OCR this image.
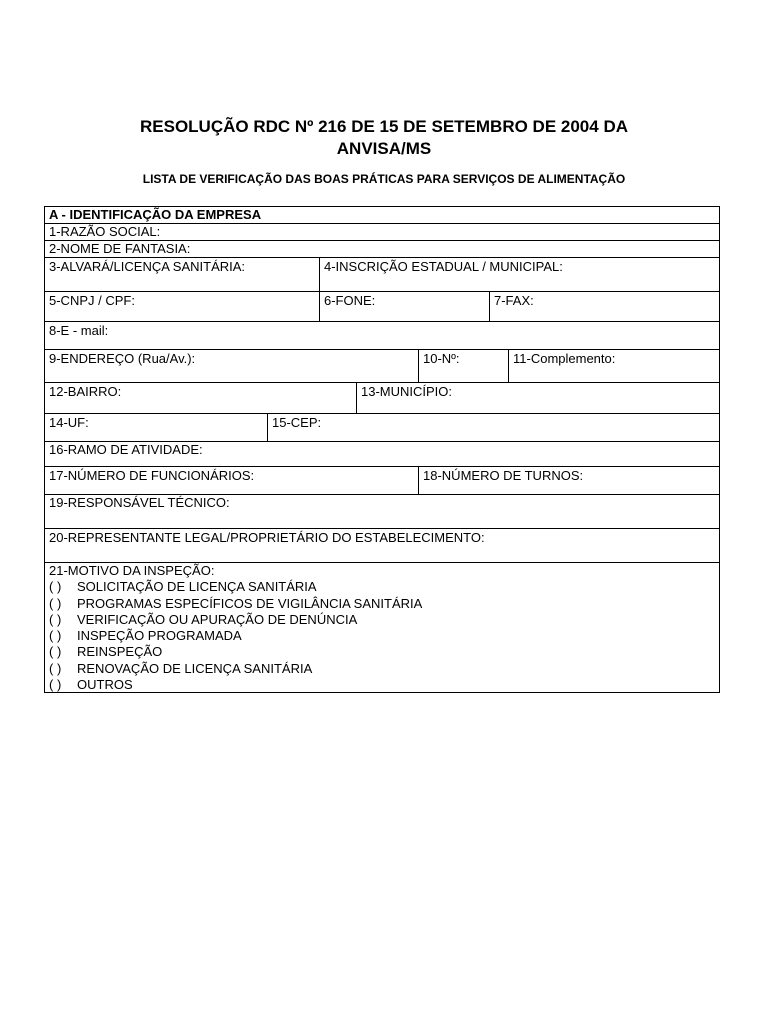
RESOLUÇÃO RDC Nº 216 DE 15 DE SETEMBRO DE 2004 DA
ANVISA/MS
LISTA DE VERIFICAÇÃO DAS BOAS PRÁTICAS PARA SERVIÇOS DE ALIMENTAÇÃO
A - IDENTIFICAÇÃO DA EMPRESA
1-RAZÃO SOCIAL:
2-NOME DE FANTASIA:
3-ALVARÁ/LICENÇA SANITÁRIA:	4-INSCRIÇÃO ESTADUAL / MUNICIPAL:
5-CNPJ / CPF:	6-FONE:	7-FAX:
8-E - mail:
9-ENDEREÇO (Rua/Av.):	10-Nº:	11-Complemento:
12-BAIRRO:	13-MUNICÍPIO:
14-UF:	15-CEP:
16-RAMO DE ATIVIDADE:
17-NÚMERO DE FUNCIONÁRIOS:	18-NÚMERO DE TURNOS:
19-RESPONSÁVEL TÉCNICO:
20-REPRESENTANTE LEGAL/PROPRIETÁRIO DO ESTABELECIMENTO:
21-MOTIVO DA INSPEÇÃO:
( ) SOLICITAÇÃO DE LICENÇA SANITÁRIA
( ) PROGRAMAS ESPECÍFICOS DE VIGILÂNCIA SANITÁRIA
( ) VERIFICAÇÃO OU APURAÇÃO DE DENÚNCIA
( ) INSPEÇÃO PROGRAMADA
( ) REINSPEÇÃO
( ) RENOVAÇÃO DE LICENÇA SANITÁRIA
( ) OUTROS
